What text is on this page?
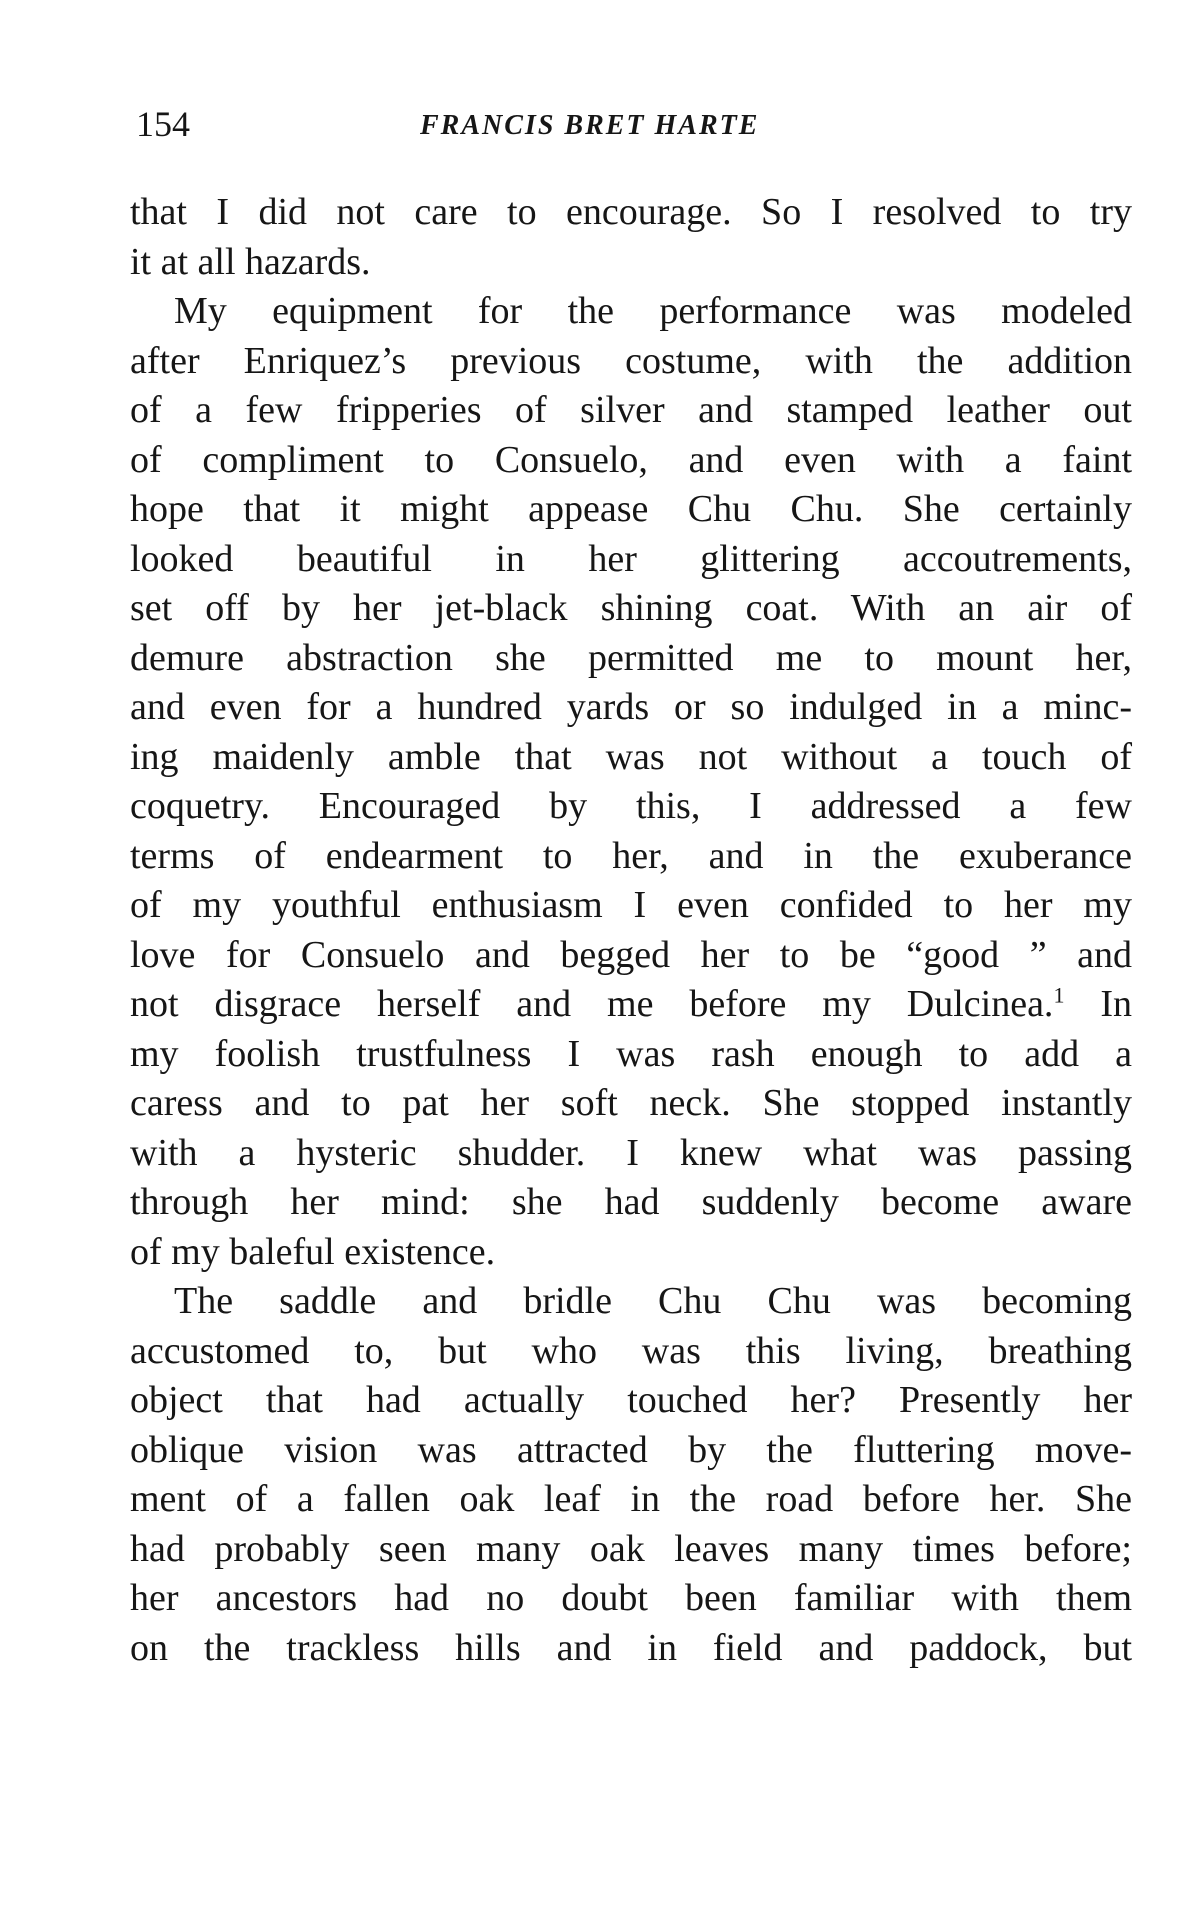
154	FRANCIS BRET HARTE
that I did not care to encourage. So I resolved to try
it at all hazards.
My equipment for the performance was modeled
after Enriquez’s previous costume, with the addition
of a few fripperies of silver and stamped leather out
of compliment to Consuelo, and even with a faint
hope that it might appease Chu Chu. She certainly
looked beautiful in her glittering accoutrements,
set off by her jet-black shining coat. With an air of
demure abstraction she permitted me to mount her,
and even for a hundred yards or so indulged in a minc-
ing maidenly amble that was not without a touch of
coquetry. Encouraged by this, I addressed a few
terms of endearment to her, and in the exuberance
of my youthful enthusiasm I even confided to her my
love for Consuelo and begged her to be “good ” and
not disgrace herself and me before my Dulcinea.$^1$ In
my foolish trustfulness I was rash enough to add a
caress and to pat her soft neck. She stopped instantly
with a hysteric shudder. I knew what was passing
through her mind: she had suddenly become aware
of my baleful existence.
The saddle and bridle Chu Chu was becoming
accustomed to, but who was this living, breathing
object that had actually touched her? Presently her
oblique vision was attracted by the fluttering move-
ment of a fallen oak leaf in the road before her. She
had probably seen many oak leaves many times before;
her ancestors had no doubt been familiar with them
on the trackless hills and in field and paddock, but
